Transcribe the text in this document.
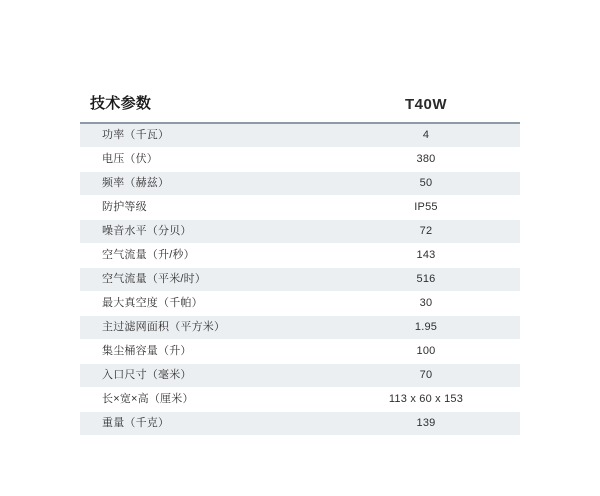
技术参数	T40W
功率（千瓦）	4
电压（伏）	380
频率（赫兹）	50
防护等级	IP55
噪音水平（分贝）	72
空气流量（升/秒）	143
空气流量（平米/时）	516
最大真空度（千帕）	30
主过滤网面积（平方米）	1.95
集尘桶容量（升）	100
入口尺寸（毫米）	70
长×宽×高（厘米）	113 x 60 x 153
重量（千克）	139
